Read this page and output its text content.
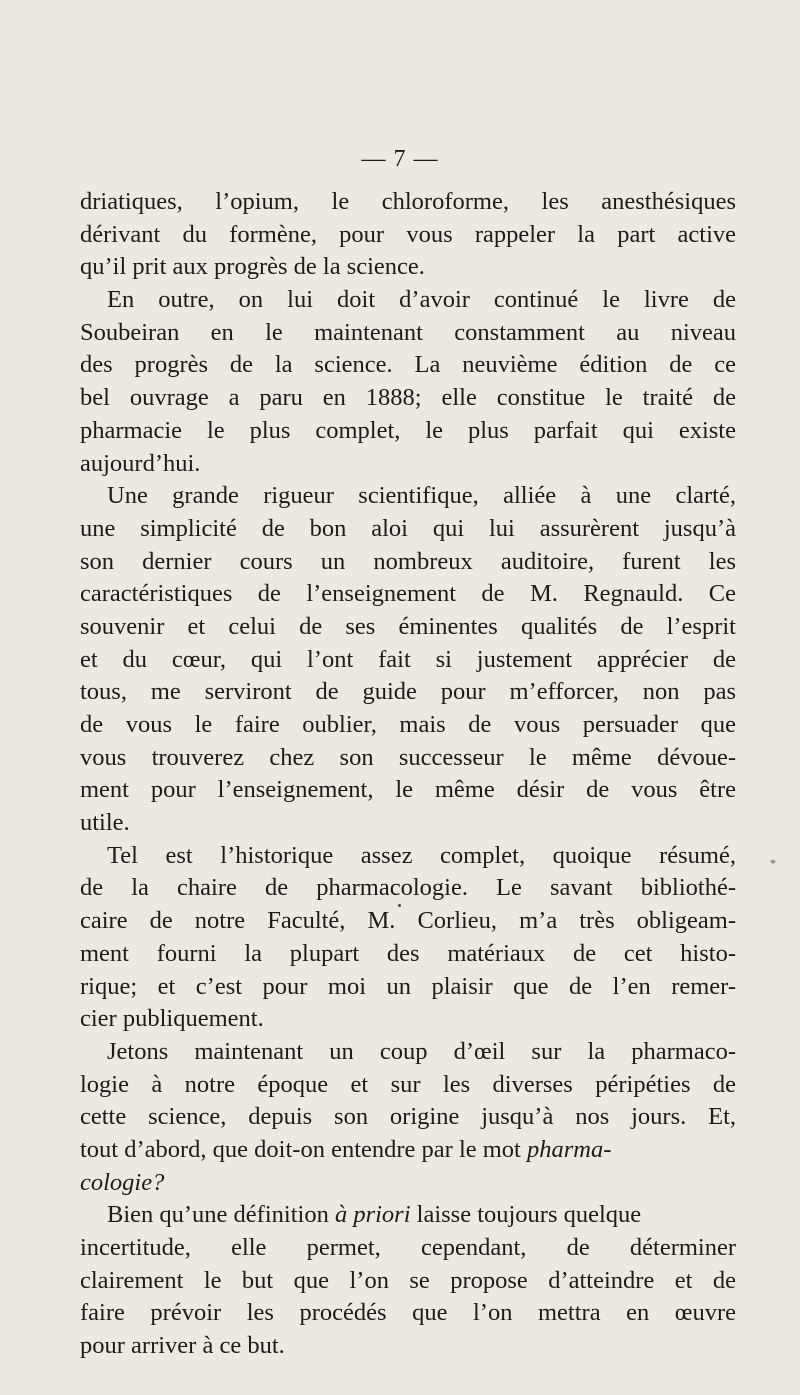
— 7 —

*
driatiques, l’opium, le chloroforme, les anesthésiques
dérivant du formène, pour vous rappeler la part active
qu’il prit aux progrès de la science.
En outre, on lui doit d’avoir continué le livre de
Soubeiran en le maintenant constamment au niveau
des progrès de la science. La neuvième édition de ce
bel ouvrage a paru en 1888; elle constitue le traité de
pharmacie le plus complet, le plus parfait qui existe
aujourd’hui.
Une grande rigueur scientifique, alliée à une clarté,
une simplicité de bon aloi qui lui assurèrent jusqu’à
son dernier cours un nombreux auditoire, furent les
caractéristiques de l’enseignement de M. Regnauld. Ce
souvenir et celui de ses éminentes qualités de l’esprit
et du cœur, qui l’ont fait si justement apprécier de
tous, me serviront de guide pour m’efforcer, non pas
de vous le faire oublier, mais de vous persuader que
vous trouverez chez son successeur le même dévoue-
ment pour l’enseignement, le même désir de vous être
utile.
Tel est l’historique assez complet, quoique résumé,
de la chaire de pharmacologie. Le savant bibliothé-
caire de notre Faculté, M. Corlieu, m’a très obligeam-
ment fourni la plupart des matériaux de cet histo-
rique; et c’est pour moi un plaisir que de l’en remer-
cier publiquement.
Jetons maintenant un coup d’œil sur la pharmaco-
logie à notre époque et sur les diverses péripéties de
cette science, depuis son origine jusqu’à nos jours. Et,
tout d’abord, que doit-on entendre par le mot pharma-
cologie?
Bien qu’une définition à priori laisse toujours quelque
incertitude, elle permet, cependant, de déterminer
clairement le but que l’on se propose d’atteindre et de
faire prévoir les procédés que l’on mettra en œuvre
pour arriver à ce but.
